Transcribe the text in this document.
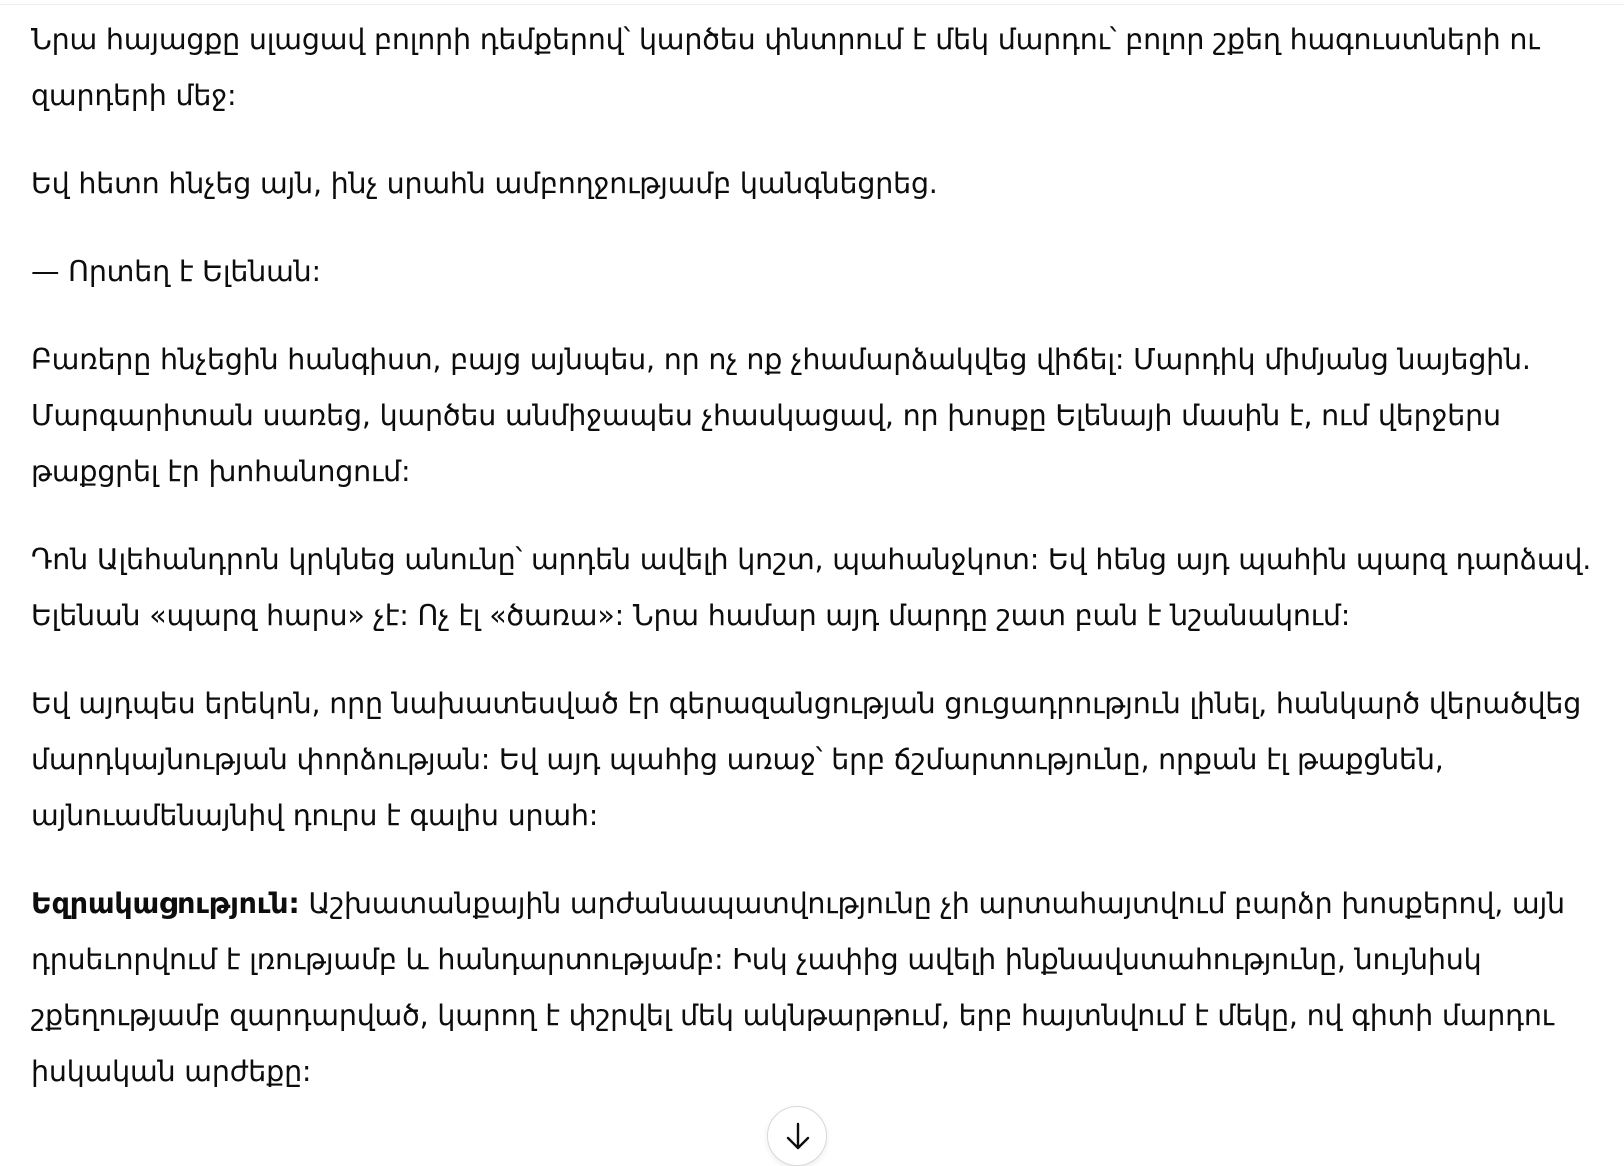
Նրա հայացքը սլացավ բոլորի դեմքերով՝ կարծես փնտրում է մեկ մարդու՝ բոլոր շքեղ հագուստների ու զարդերի մեջ:

Եվ հետո հնչեց այն, ինչ սրահն ամբողջությամբ կանգնեցրեց.

— Որտեղ է Ելենան:

Բառերը հնչեցին հանգիստ, բայց այնպես, որ ոչ ոք չհամարձակվեց վիճել: Մարդիկ միմյանց նայեցին. Մարգարիտան սառեց, կարծես անմիջապես չհասկացավ, որ խոսքը Ելենայի մասին է, ում վերջերս թաքցրել էր խոհանոցում:

Դոն Ալեհանդրոն կրկնեց անունը՝ արդեն ավելի կոշտ, պահանջկոտ: Եվ հենց այդ պահին պարզ դարձավ. Ելենան «պարզ հարս» չէ: Ոչ էլ «ծառա»: Նրա համար այդ մարդը շատ բան է նշանակում:

Եվ այդպես երեկոն, որը նախատեսված էր գերազանցության ցուցադրություն լինել, հանկարծ վերածվեց մարդկայնության փորձության: Եվ այդ պահից առաջ՝ երբ ճշմարտությունը, որքան էլ թաքցնեն, այնուամենայնիվ դուրս է գալիս սրահ:

Եզրակացություն: Աշխատանքային արժանապատվությունը չի արտահայտվում բարձր խոսքերով, այն դրսեւորվում է լռությամբ և հանդարտությամբ: Իսկ չափից ավելի ինքնավստահությունը, նույնիսկ շքեղությամբ զարդարված, կարող է փշրվել մեկ ակնթարթում, երբ հայտնվում է մեկը, ով գիտի մարդու իսկական արժեքը:
